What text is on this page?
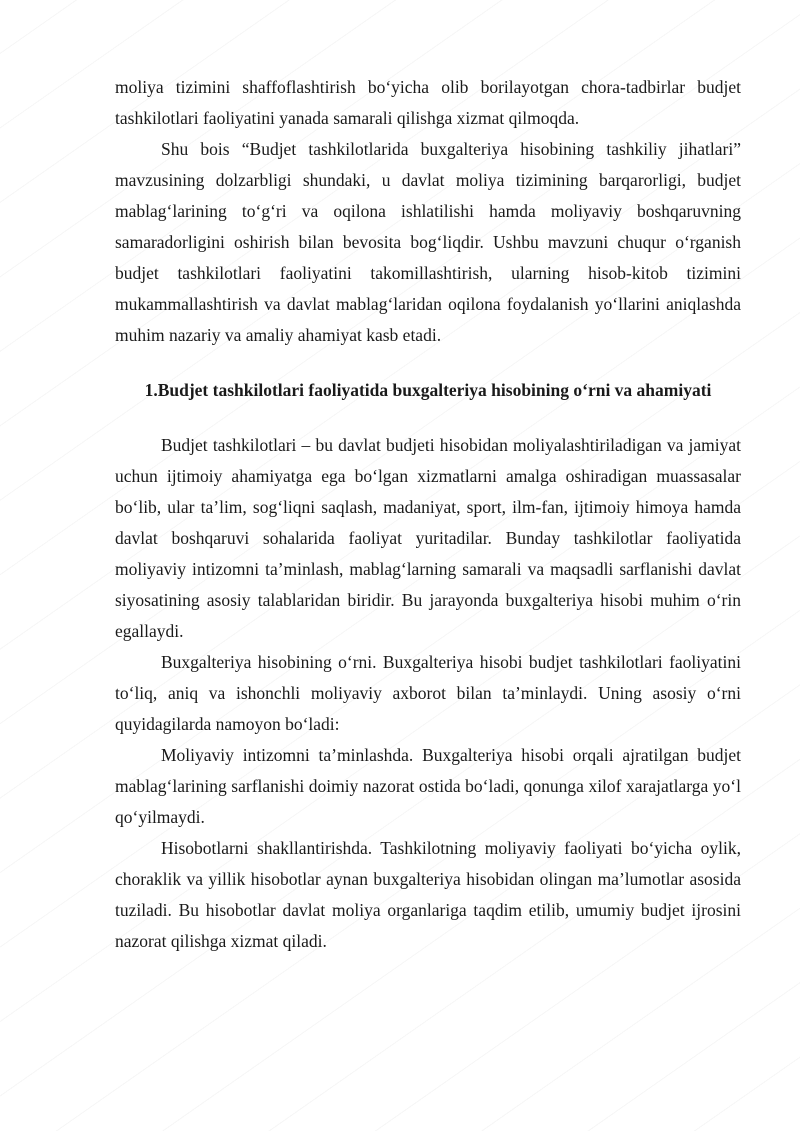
moliya tizimini shaffoflashtirish bo‘yicha olib borilayotgan chora-tadbirlar budjet tashkilotlari faoliyatini yanada samarali qilishga xizmat qilmoqda.

Shu bois “Budjet tashkilotlarida buxgalteriya hisobining tashkiliy jihatlari” mavzusining dolzarbligi shundaki, u davlat moliya tizimining barqarorligi, budjet mablag‘larining to‘g‘ri va oqilona ishlatilishi hamda moliyaviy boshqaruvning samaradorligini oshirish bilan bevosita bog‘liqdir. Ushbu mavzuni chuqur o‘rganish budjet tashkilotlari faoliyatini takomillashtirish, ularning hisob-kitob tizimini mukammallashtirish va davlat mablag‘laridan oqilona foydalanish yo‘llarini aniqlashda muhim nazariy va amaliy ahamiyat kasb etadi.

1.Budjet tashkilotlari faoliyatida buxgalteriya hisobining o‘rni va ahamiyati

Budjet tashkilotlari – bu davlat budjeti hisobidan moliyalashtiriladigan va jamiyat uchun ijtimoiy ahamiyatga ega bo‘lgan xizmatlarni amalga oshiradigan muassasalar bo‘lib, ular ta’lim, sog‘liqni saqlash, madaniyat, sport, ilm-fan, ijtimoiy himoya hamda davlat boshqaruvi sohalarida faoliyat yuritadilar. Bunday tashkilotlar faoliyatida moliyaviy intizomni ta’minlash, mablag‘larning samarali va maqsadli sarflanishi davlat siyosatining asosiy talablaridan biridir. Bu jarayonda buxgalteriya hisobi muhim o‘rin egallaydi.

Buxgalteriya hisobining o‘rni. Buxgalteriya hisobi budjet tashkilotlari faoliyatini to‘liq, aniq va ishonchli moliyaviy axborot bilan ta’minlaydi. Uning asosiy o‘rni quyidagilarda namoyon bo‘ladi:

Moliyaviy intizomni ta’minlashda. Buxgalteriya hisobi orqali ajratilgan budjet mablag‘larining sarflanishi doimiy nazorat ostida bo‘ladi, qonunga xilof xarajatlarga yo‘l qo‘yilmaydi.

Hisobotlarni shakllantirishda. Tashkilotning moliyaviy faoliyati bo‘yicha oylik, choraklik va yillik hisobotlar aynan buxgalteriya hisobidan olingan ma’lumotlar asosida tuziladi. Bu hisobotlar davlat moliya organlariga taqdim etilib, umumiy budjet ijrosini nazorat qilishga xizmat qiladi.
